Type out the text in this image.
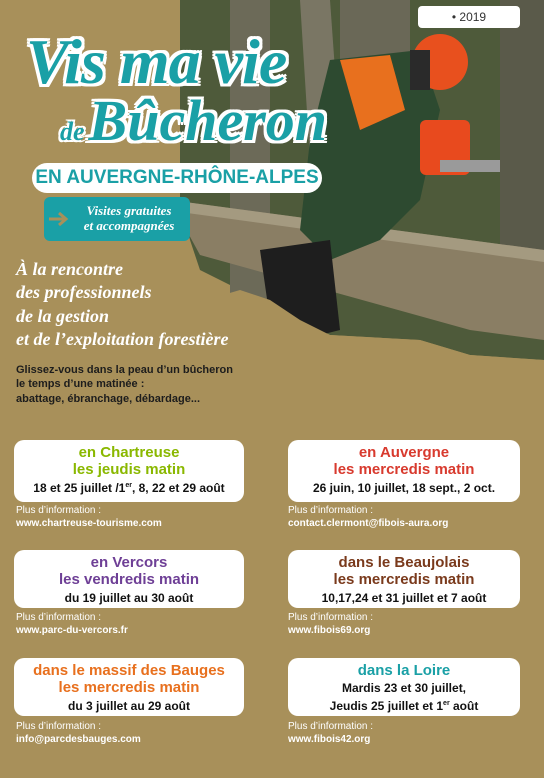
• 2019
Vis ma vie
de Bûcheron
EN AUVERGNE-RHÔNE-ALPES
Visites gratuites
et accompagnées

À la rencontre
des professionnels
de la gestion
et de l’exploitation forestière

Glissez-vous dans la peau d’un bûcheron
le temps d’une matinée :
abattage, ébranchage, débardage...

en Chartreuse
les jeudis matin
18 et 25 juillet /1er, 8, 22 et 29 août
Plus d’information :
www.chartreuse-tourisme.com
en Auvergne
les mercredis matin
26 juin, 10 juillet, 18 sept., 2 oct.
Plus d’information :
contact.clermont@fibois-aura.org
en Vercors
les vendredis matin
du 19 juillet au 30 août
Plus d’information :
www.parc-du-vercors.fr
dans le Beaujolais
les mercredis matin
10,17,24 et 31 juillet et 7 août
Plus d’information :
www.fibois69.org
dans le massif des Bauges
les mercredis matin
du 3 juillet au 29 août
Plus d’information :
info@parcdesbauges.com
dans la Loire
Mardis 23 et 30 juillet,
Jeudis 25 juillet et 1er août
Plus d’information :
www.fibois42.org
